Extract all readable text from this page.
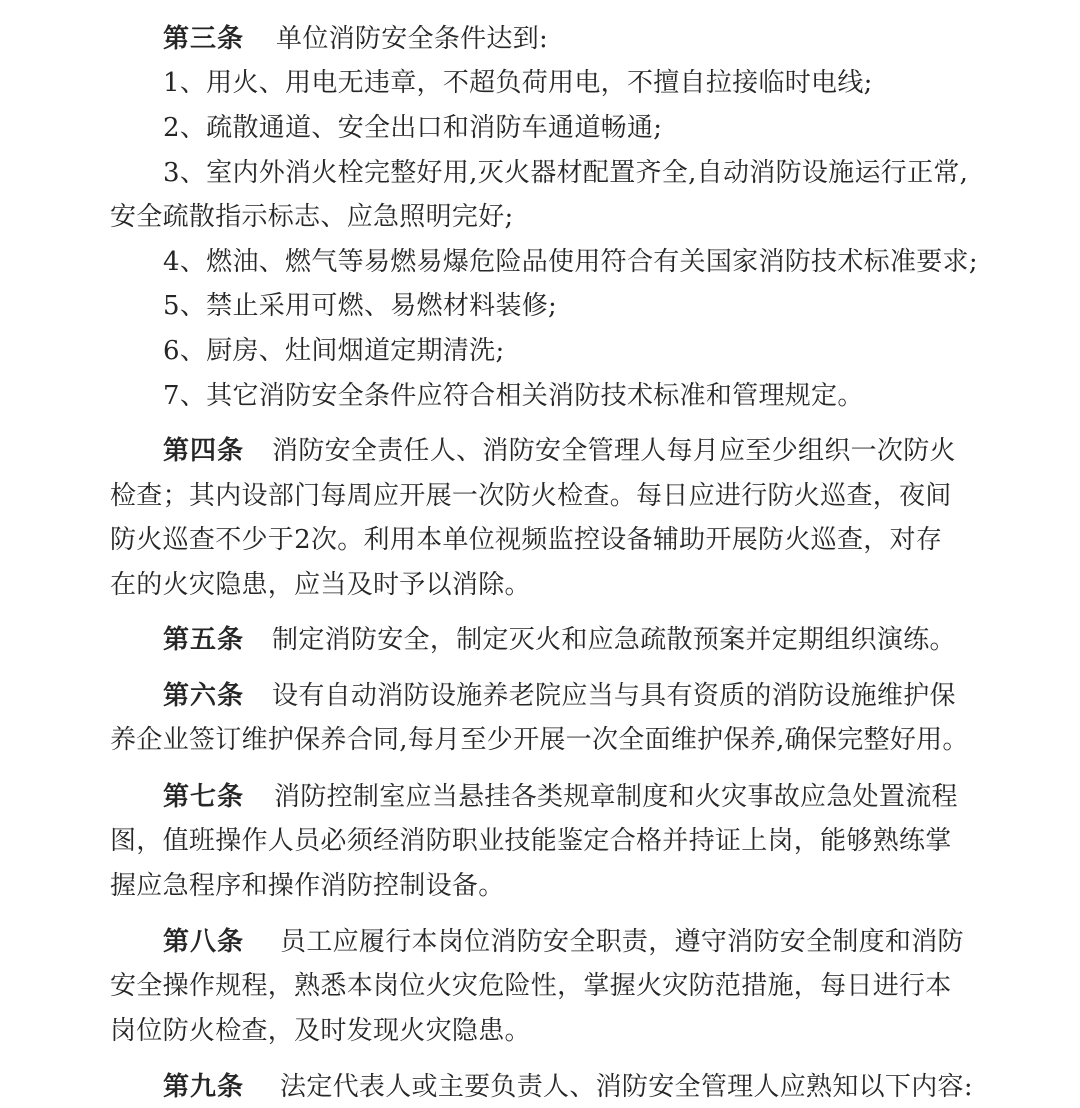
第三条 单位消防安全条件达到:

1、用火、用电无违章，不超负荷用电，不擅自拉接临时电线;

2、疏散通道、安全出口和消防车通道畅通;

3、室内外消火栓完整好用,灭火器材配置齐全,自动消防设施运行正常,

安全疏散指示标志、应急照明完好;

4、燃油、燃气等易燃易爆危险品使用符合有关国家消防技术标准要求;

5、禁止采用可燃、易燃材料装修;

6、厨房、灶间烟道定期清洗;

7、其它消防安全条件应符合相关消防技术标准和管理规定。

第四条 消防安全责任人、消防安全管理人每月应至少组织一次防火

检查；其内设部门每周应开展一次防火检查。每日应进行防火巡查，夜间

防火巡查不少于2次。利用本单位视频监控设备辅助开展防火巡查，对存

在的火灾隐患，应当及时予以消除。

第五条 制定消防安全，制定灭火和应急疏散预案并定期组织演练。

第六条 设有自动消防设施养老院应当与具有资质的消防设施维护保

养企业签订维护保养合同,每月至少开展一次全面维护保养,确保完整好用。

第七条 消防控制室应当悬挂各类规章制度和火灾事故应急处置流程

图，值班操作人员必须经消防职业技能鉴定合格并持证上岗，能够熟练掌

握应急程序和操作消防控制设备。

第八条 员工应履行本岗位消防安全职责，遵守消防安全制度和消防

安全操作规程，熟悉本岗位火灾危险性，掌握火灾防范措施，每日进行本

岗位防火检查，及时发现火灾隐患。

第九条 法定代表人或主要负责人、消防安全管理人应熟知以下内容:
